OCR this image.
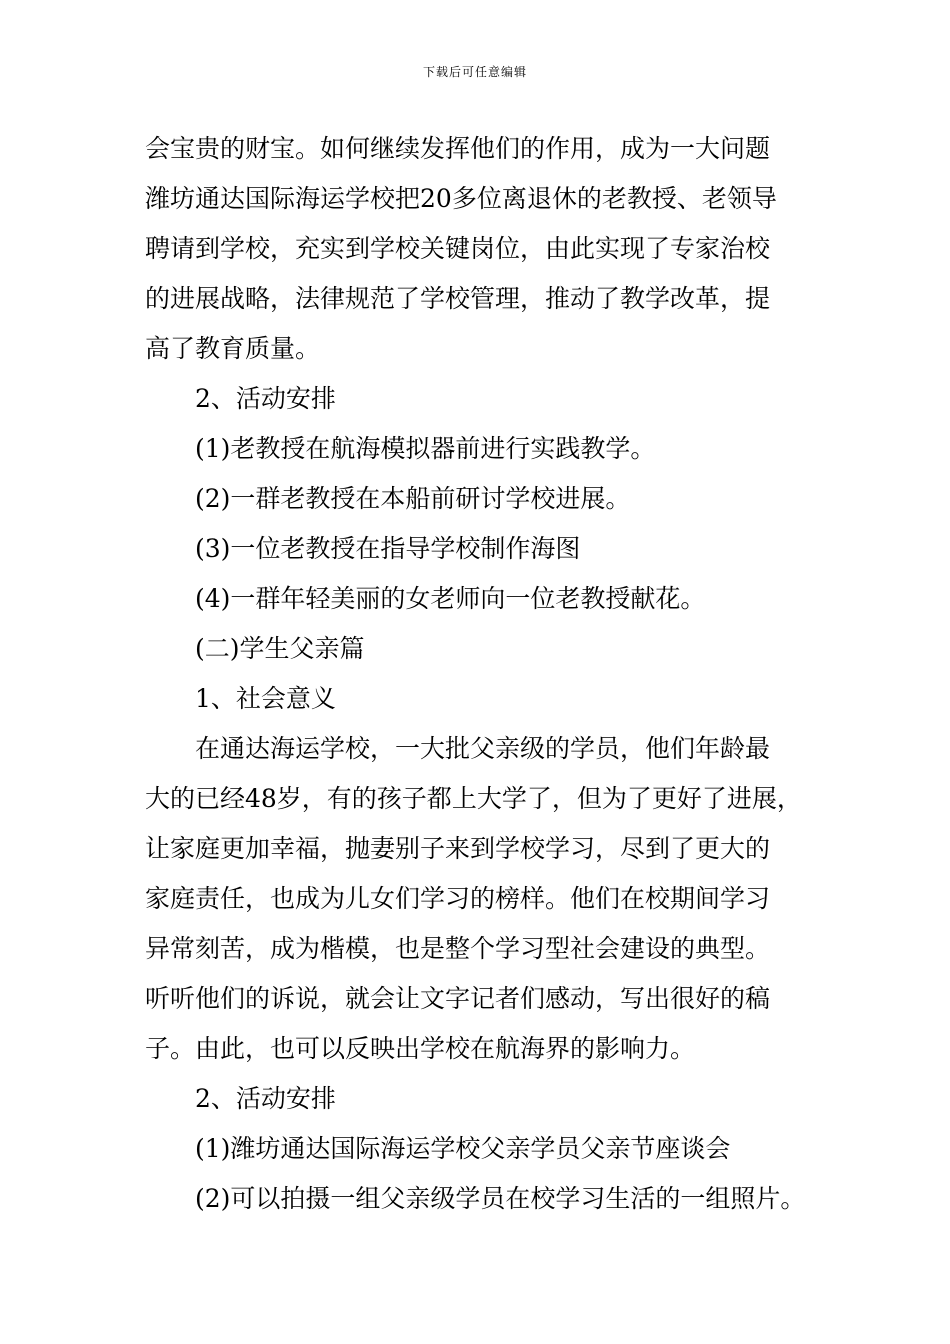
下载后可任意编辑
会宝贵的财宝。如何继续发挥他们的作用，成为一大问题
潍坊通达国际海运学校把20多位离退休的老教授、老领导
聘请到学校，充实到学校关键岗位，由此实现了专家治校
的进展战略，法律规范了学校管理，推动了教学改革，提
高了教育质量。
2、活动安排
(1)老教授在航海模拟器前进行实践教学。
(2)一群老教授在本船前研讨学校进展。
(3)一位老教授在指导学校制作海图
(4)一群年轻美丽的女老师向一位老教授献花。
(二)学生父亲篇
1、社会意义
在通达海运学校，一大批父亲级的学员，他们年龄最
大的已经48岁，有的孩子都上大学了，但为了更好了进展，
让家庭更加幸福，抛妻别子来到学校学习，尽到了更大的
家庭责任，也成为儿女们学习的榜样。他们在校期间学习
异常刻苦，成为楷模，也是整个学习型社会建设的典型。
听听他们的诉说，就会让文字记者们感动，写出很好的稿
子。由此，也可以反映出学校在航海界的影响力。
2、活动安排
(1)潍坊通达国际海运学校父亲学员父亲节座谈会
(2)可以拍摄一组父亲级学员在校学习生活的一组照片。
